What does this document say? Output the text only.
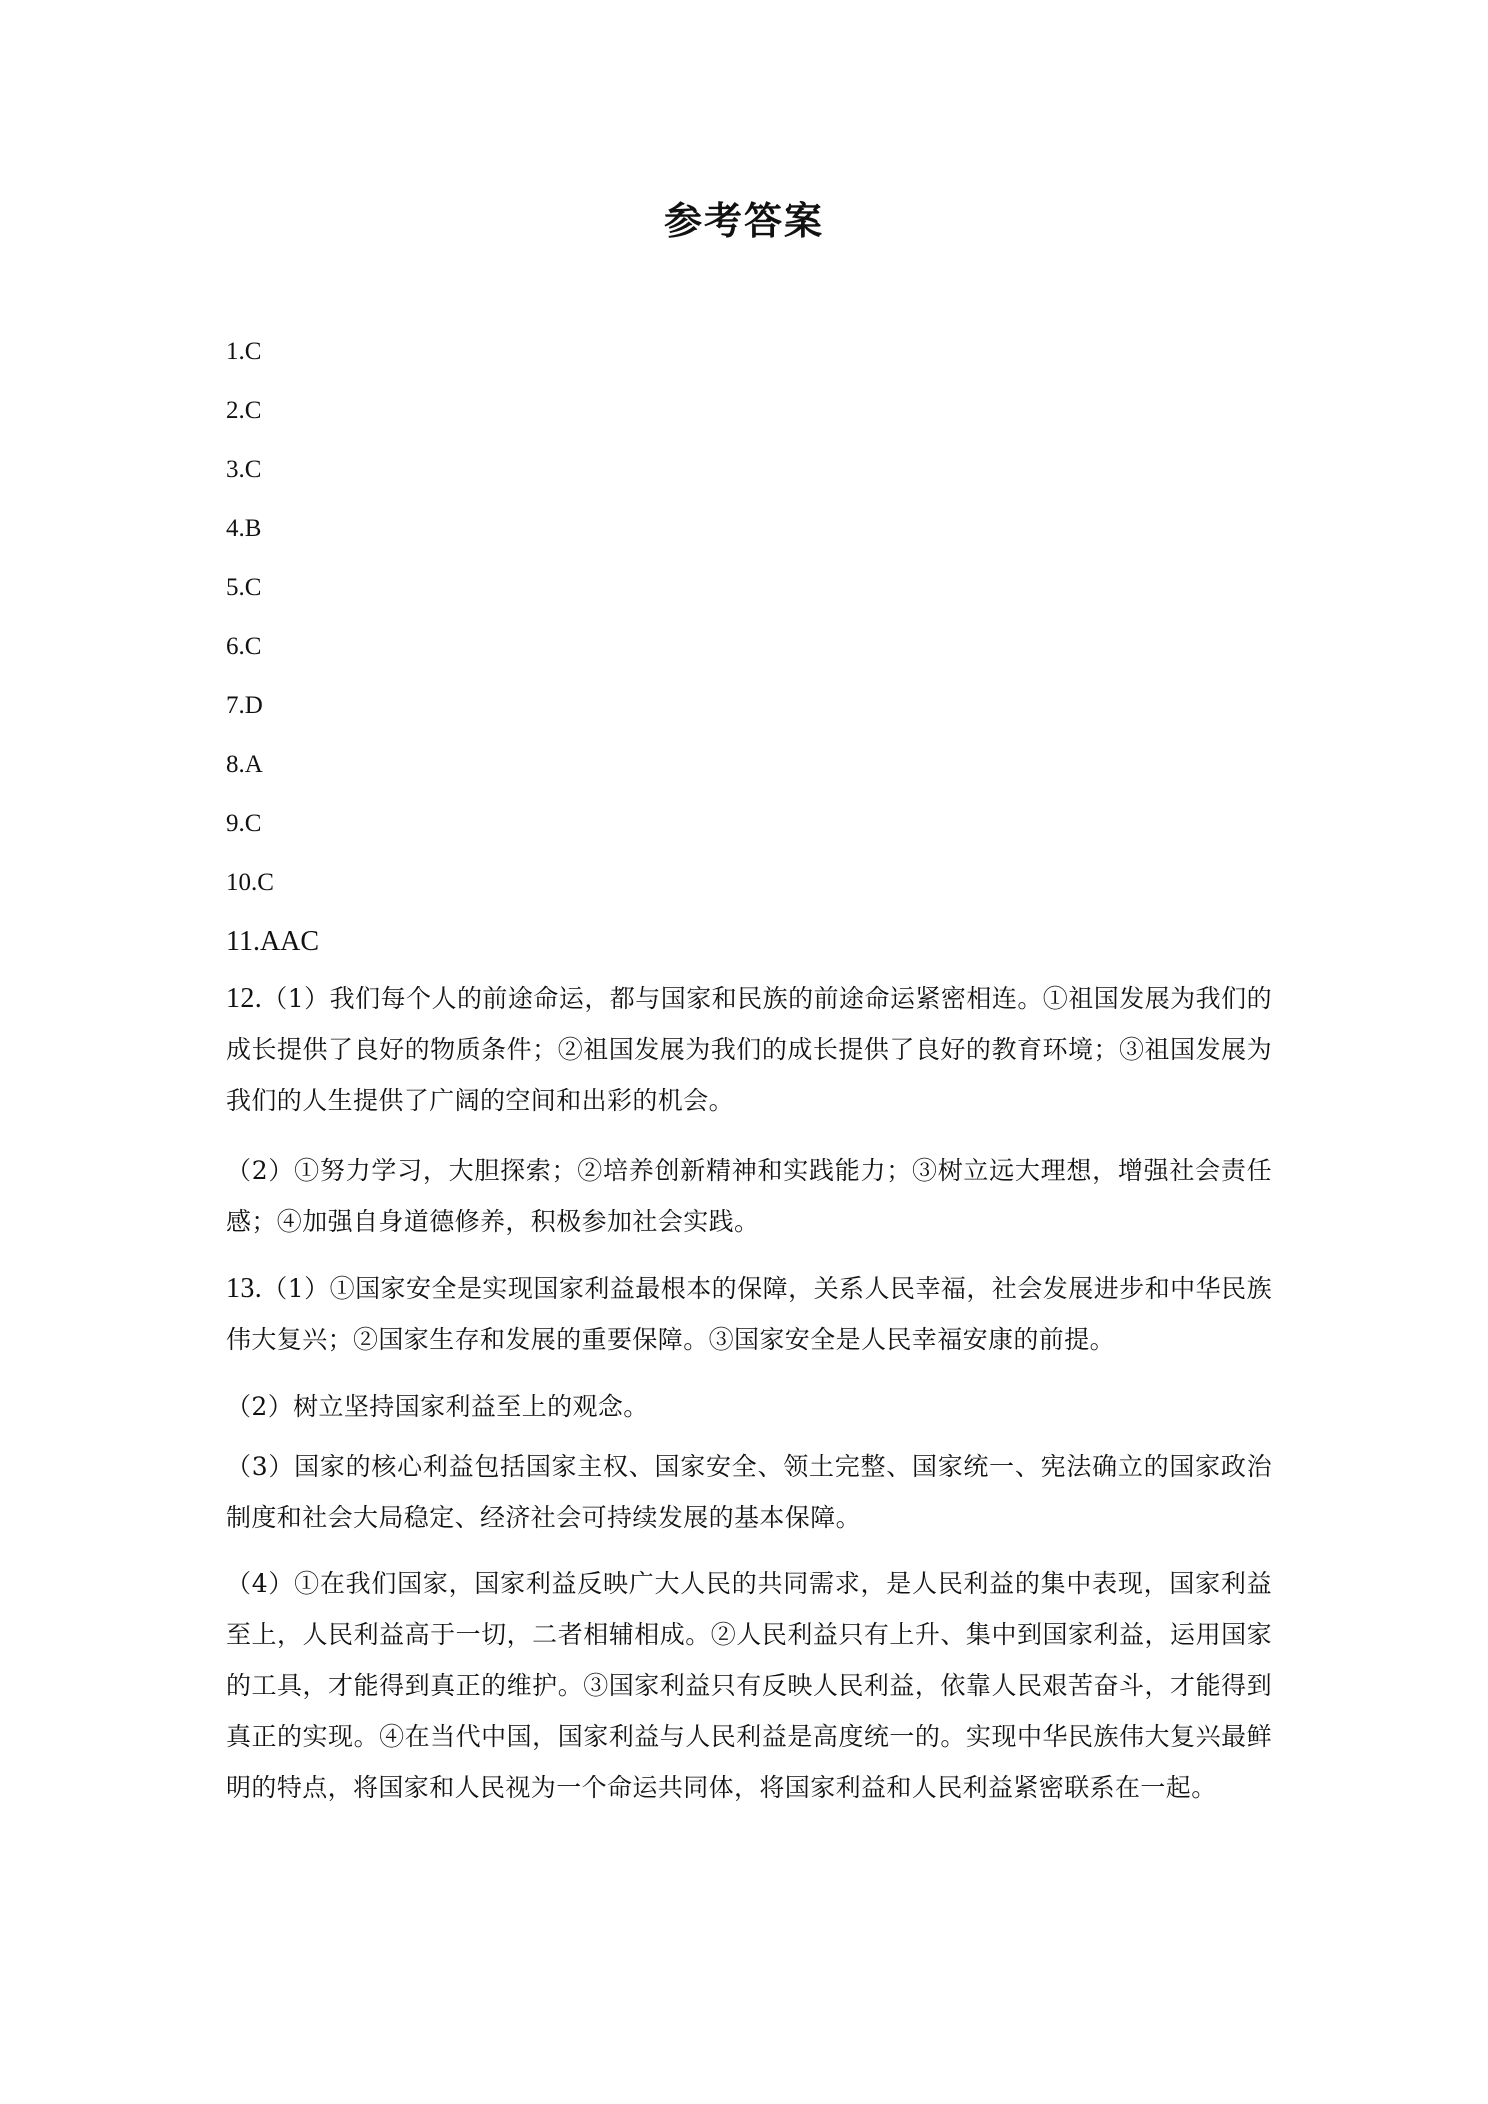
参考答案
1.C
2.C
3.C
4.B
5.C
6.C
7.D
8.A
9.C
10.C
11.AAC

12.（1）我们每个人的前途命运，都与国家和民族的前途命运紧密相连。①祖国发展为我们的成长提供了良好的物质条件；②祖国发展为我们的成长提供了良好的教育环境；③祖国发展为我们的人生提供了广阔的空间和出彩的机会。

（2）①努力学习，大胆探索；②培养创新精神和实践能力；③树立远大理想，增强社会责任感；④加强自身道德修养，积极参加社会实践。

13.（1）①国家安全是实现国家利益最根本的保障，关系人民幸福，社会发展进步和中华民族伟大复兴；②国家生存和发展的重要保障。③国家安全是人民幸福安康的前提。

（2）树立坚持国家利益至上的观念。

（3）国家的核心利益包括国家主权、国家安全、领土完整、国家统一、宪法确立的国家政治制度和社会大局稳定、经济社会可持续发展的基本保障。

（4）①在我们国家，国家利益反映广大人民的共同需求，是人民利益的集中表现，国家利益至上，人民利益高于一切，二者相辅相成。②人民利益只有上升、集中到国家利益，运用国家的工具，才能得到真正的维护。③国家利益只有反映人民利益，依靠人民艰苦奋斗，才能得到真正的实现。④在当代中国，国家利益与人民利益是高度统一的。实现中华民族伟大复兴最鲜明的特点，将国家和人民视为一个命运共同体，将国家利益和人民利益紧密联系在一起。
